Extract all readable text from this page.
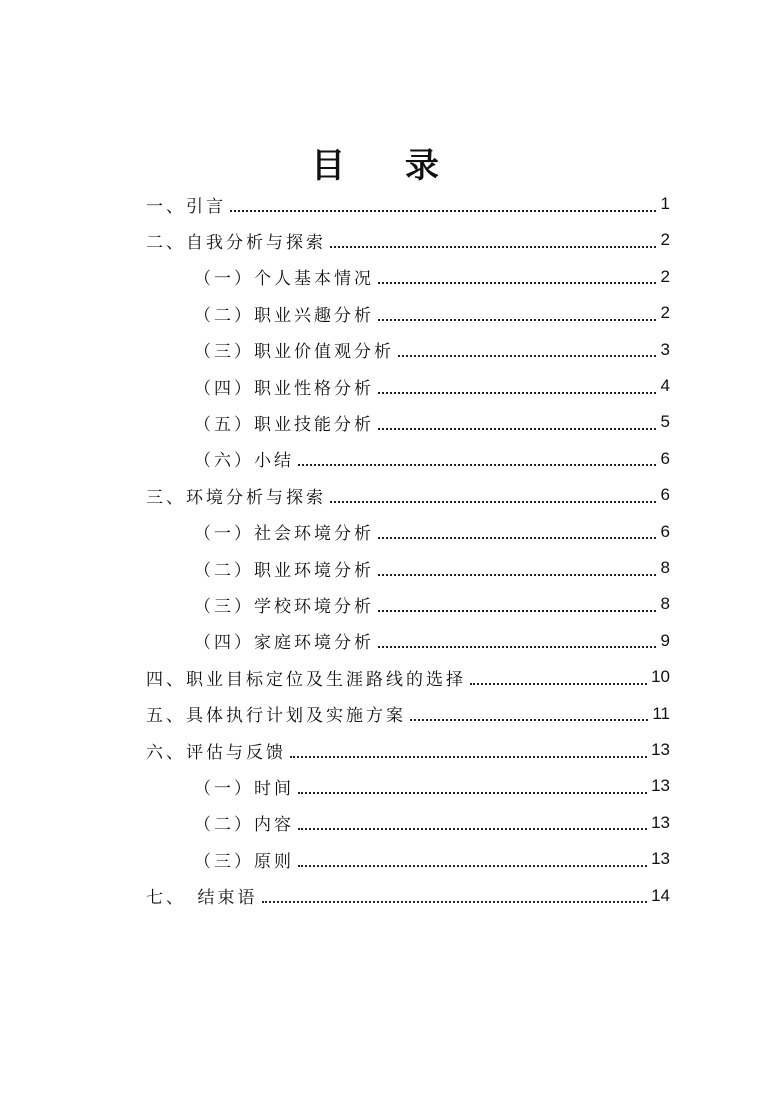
目 录
一、引言	1
二、自我分析与探索	2
（一）个人基本情况	2
（二）职业兴趣分析	2
（三）职业价值观分析	3
（四）职业性格分析	4
（五）职业技能分析	5
（六）小结	6
三、环境分析与探索	6
（一）社会环境分析	6
（二）职业环境分析	8
（三）学校环境分析	8
（四）家庭环境分析	9
四、职业目标定位及生涯路线的选择	10
五、具体执行计划及实施方案	11
六、评估与反馈	13
（一）时间	13
（二）内容	13
（三）原则	13
七、　结束语	14
